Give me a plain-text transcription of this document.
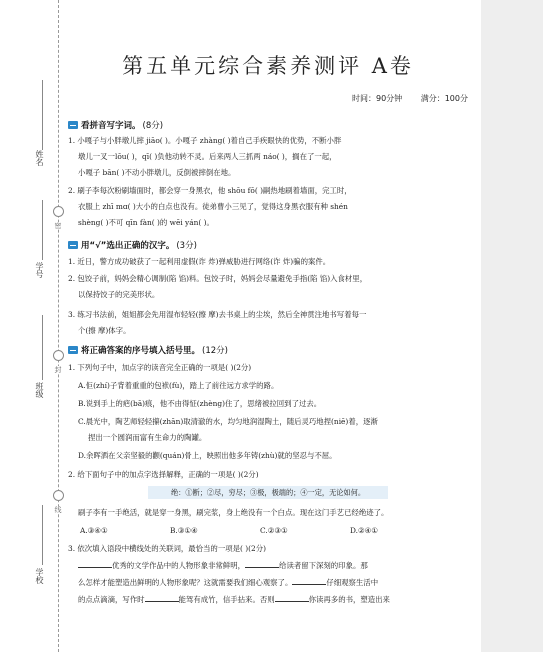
姓名
学号
班级
学校
密
封
线
第五单元综合素养测评 A卷
时间：90分钟 满分：100分
看拼音写字词。 (8分)
1. 小嘎子与小胖墩儿摔 jiāo( )。小嘎子 zhàng( )着自己手疾眼快的优势，不断小胖
墩儿一叉一lōu( )，qī( )负他动转不灵。后来两人三抓两 náo( )，搁在了一起，
小嘎子 bān( )不动小胖墩儿，反倒被摔倒在地。
2. 刷子李每次粉刷墙面时，都会穿一身黑衣，他 shōu fō( )嗣热地刷着墙面，完工时，
衣服上 zhī mɑ( )大小的白点也没有。徒弟曹小三见了，觉得这身黑衣服有种 shén
shèng( )不可 qīn fàn( )的 wēi yán( )。
用“√”选出正确的汉字。 (3分)
1. 近日，警方成功破获了一起利用虚假(诈 炸)弹威胁进行网络(诈 炸)骗的案件。
2. 包饺子前，妈妈会精心调制(陷 馅)料。包饺子时，妈妈会尽量避免手指(陷 馅)入食材里，
以保持饺子的完美形状。
3. 练习书法前，姐姐都会先用湿布轻轻(擦 摩)去书桌上的尘埃，然后全神贯注地书写着每一
个(擦 摩)体字。
将正确答案的序号填入括号里。 (12分)
1. 下列句子中，加点字的读音完全正确的一项是( )(2分)
A.佢(zhí)子背着重重的包袱(fù)，踏上了前往远方求学的路。
B.说到手上的疤(bā)痕，他不由得怔(zhèng)住了，思绪被拉回到了过去。
C.晨光中，陶艺师轻轻攥(zhān)取清澈的水，均匀地润湿陶土，随后灵巧地捏(niē)着，逐渐
捏出一个圆润而富有生命力的陶罐。
D.余晖洒在父亲坚毅的颧(quán)骨上，映照出他多年铸(zhù)就的坚忍与不屈。
2. 给下面句子中的加点字选择解释，正确的一项是( )(2分)
绝：①断；②尽，穷尽；③极，极端的；④一定，无论如何。
刷子李有一手绝活，就是穿一身黑，刷完浆，身上绝没有一个白点。现在这门手艺已经绝迹了。
A.③④①	B.③①④	C.②③①	D.②④①
3. 依次填入语段中横线处的关联词，最恰当的一项是( )(2分)
优秀的文学作品中的人物形象非常鲜明，	给读者留下深刻的印象。那
么怎样才能塑造出鲜明的人物形象呢？这就需要我们细心观察了。	仔细观察生活中
的点点滴滴，写作时	能驾有成竹，信手拈来。否则	你读再多的书，塑造出来
